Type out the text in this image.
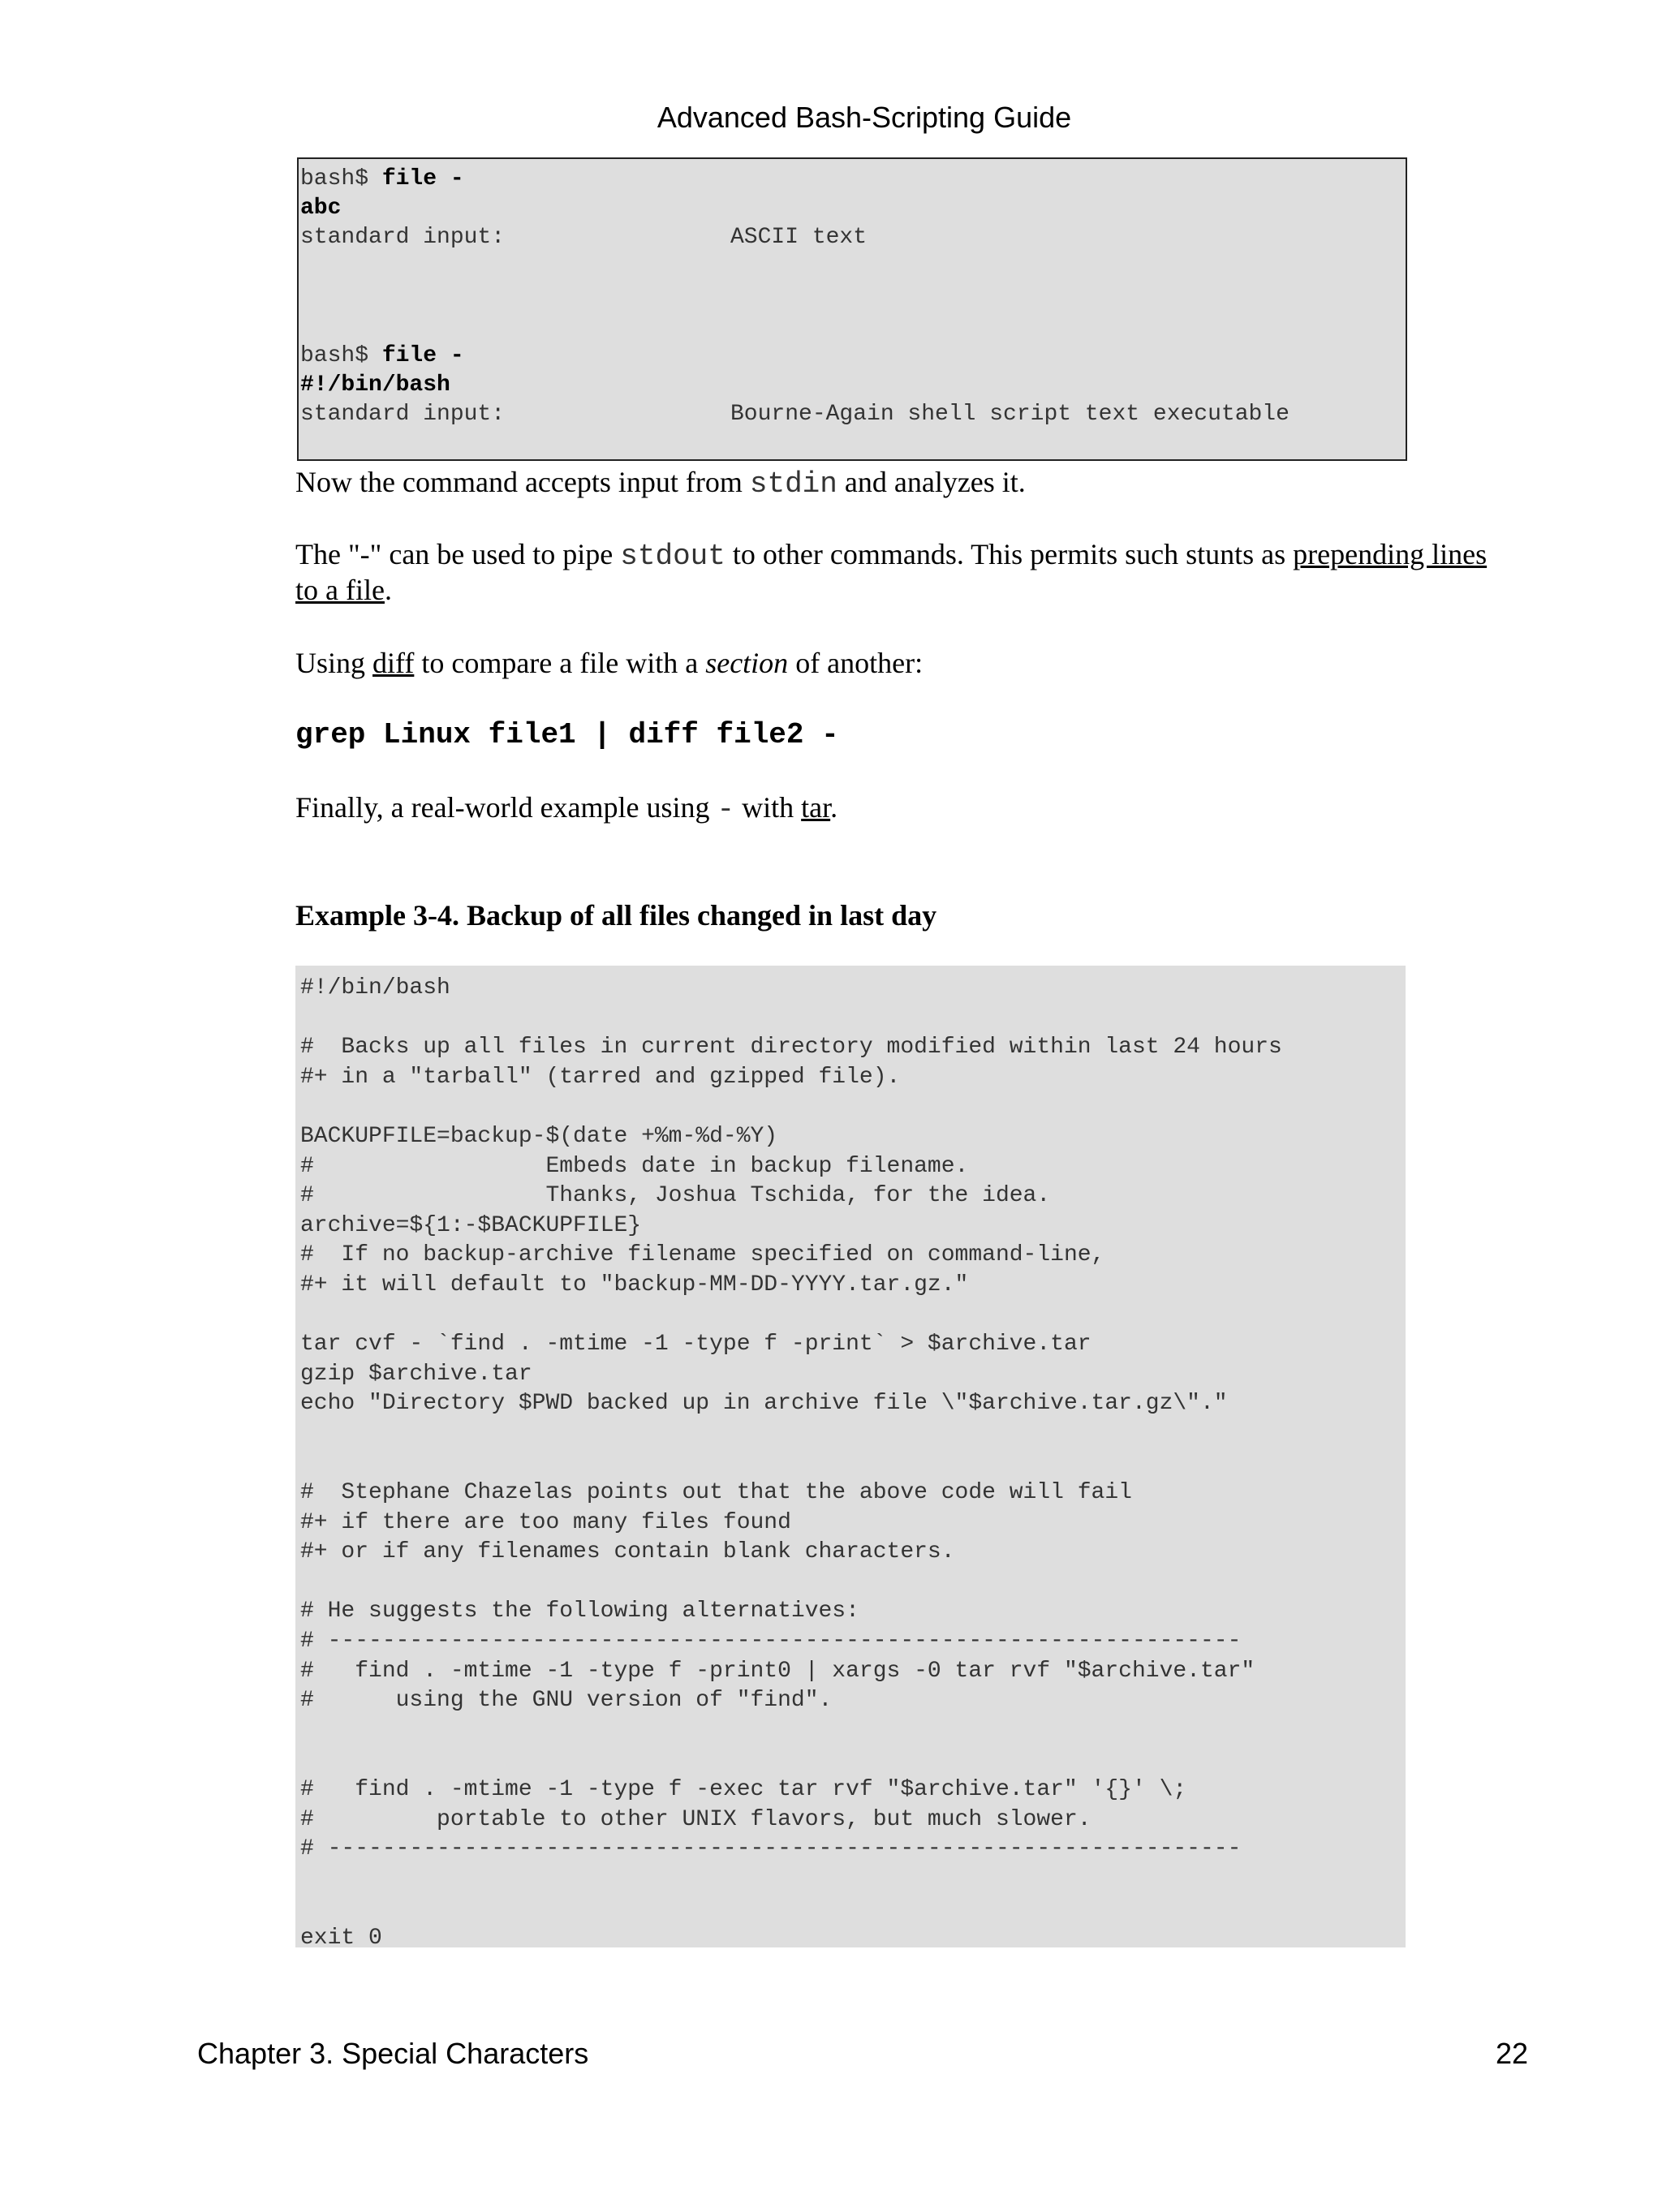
Advanced Bash-Scripting Guide
bash$ file -
abc
standard input:	ASCII text
bash$ file -
#!/bin/bash
standard input:	Bourne-Again shell script text executable
Now the command accepts input from stdin and analyzes it.
The "-" can be used to pipe stdout to other commands. This permits such stunts as prepending lines
to a file.
Using diff to compare a file with a section of another:
grep Linux file1 | diff file2 -
Finally, a real-world example using - with tar.
Example 3-4. Backup of all files changed in last day
#!/bin/bash

#  Backs up all files in current directory modified within last 24 hours
#+ in a "tarball" (tarred and gzipped file).

BACKUPFILE=backup-$(date +%m-%d-%Y)
#                 Embeds date in backup filename.
#                 Thanks, Joshua Tschida, for the idea.
archive=${1:-$BACKUPFILE}
#  If no backup-archive filename specified on command-line,
#+ it will default to "backup-MM-DD-YYYY.tar.gz."

tar cvf - `find . -mtime -1 -type f -print` > $archive.tar
gzip $archive.tar
echo "Directory $PWD backed up in archive file \"$archive.tar.gz\"."

#  Stephane Chazelas points out that the above code will fail
#+ if there are too many files found
#+ or if any filenames contain blank characters.

# He suggests the following alternatives:
# -------------------------------------------------------------------
#   find . -mtime -1 -type f -print0 | xargs -0 tar rvf "$archive.tar"
#      using the GNU version of "find".

#   find . -mtime -1 -type f -exec tar rvf "$archive.tar" '{}' \;
#         portable to other UNIX flavors, but much slower.
# -------------------------------------------------------------------

exit 0
Chapter 3. Special Characters	22
